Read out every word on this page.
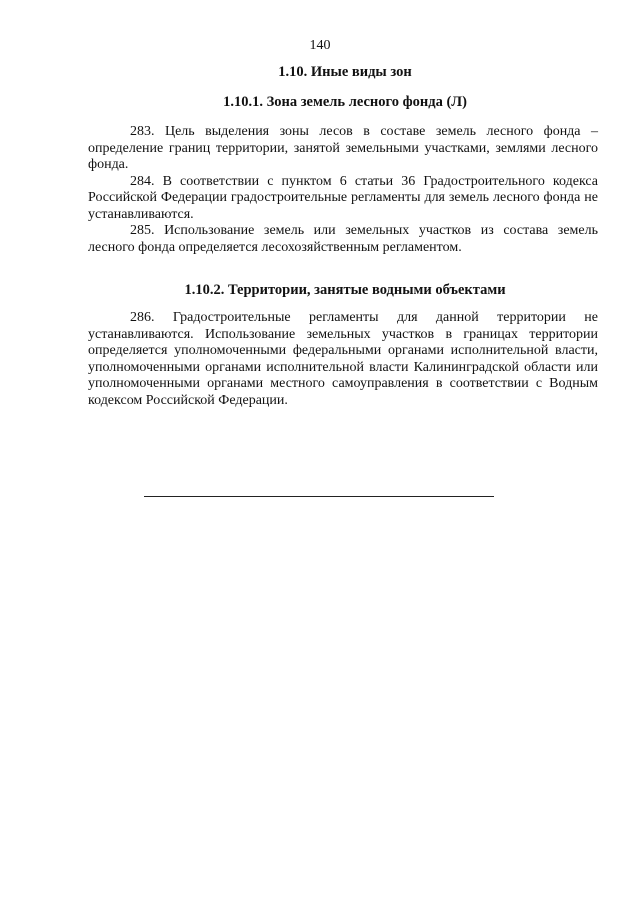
140
1.10. Иные виды зон
1.10.1. Зона земель лесного фонда (Л)

283. Цель выделения зоны лесов в составе земель лесного фонда – определение границ территории, занятой земельными участками, землями лесного фонда.

284. В соответствии с пунктом 6 статьи 36 Градостроительного кодекса Российской Федерации градостроительные регламенты для земель лесного фонда не устанавливаются.

285. Использование земель или земельных участков из состава земель лесного фонда определяется лесохозяйственным регламентом.

1.10.2. Территории, занятые водными объектами

286. Градостроительные регламенты для данной территории не устанавливаются. Использование земельных участков в границах территории определяется уполномоченными федеральными органами исполнительной власти, уполномоченными органами исполнительной власти Калининградской области или уполномоченными органами местного самоуправления в соответствии с Водным кодексом Российской Федерации.
